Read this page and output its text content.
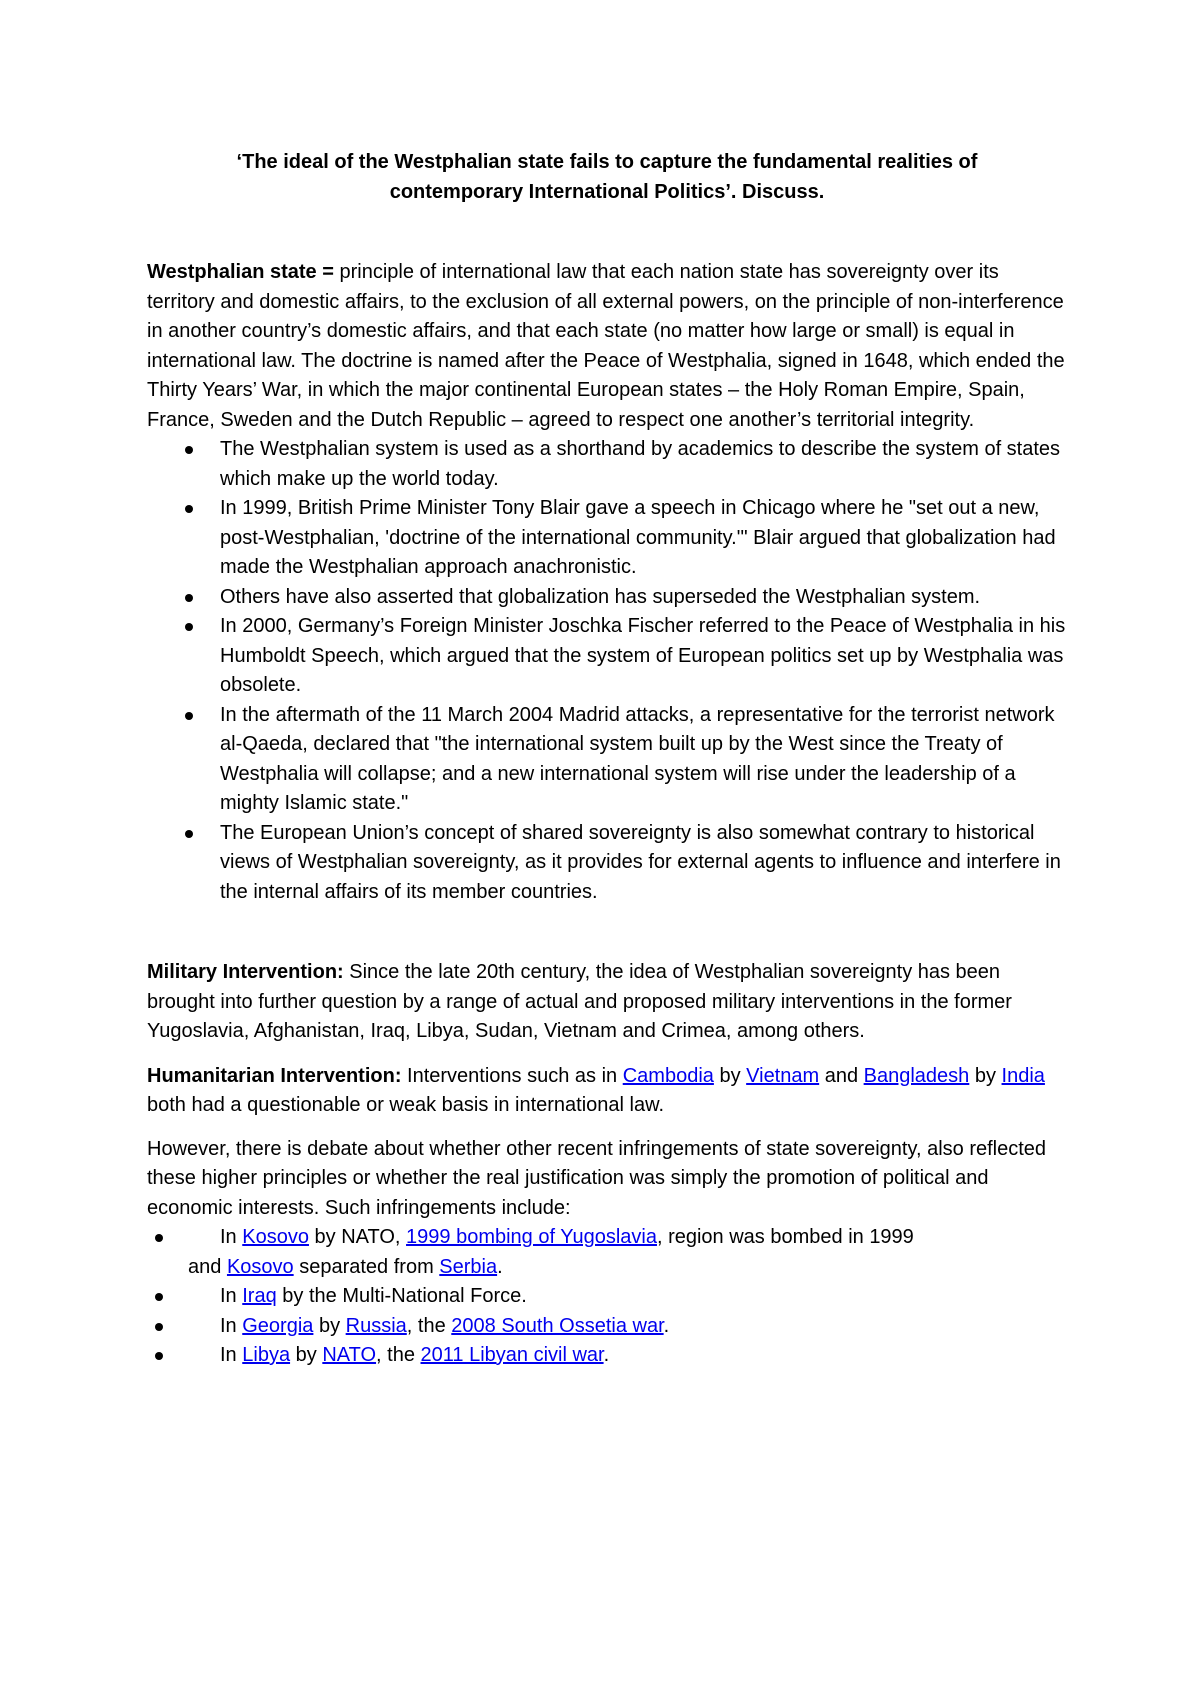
‘The ideal of the Westphalian state fails to capture the fundamental realities of

contemporary International Politics’. Discuss.

Westphalian state = principle of international law that each nation state has sovereignty over its territory and domestic affairs, to the exclusion of all external powers, on the principle of non-interference in another country’s domestic affairs, and that each state (no matter how large or small) is equal in international law. The doctrine is named after the Peace of Westphalia, signed in 1648, which ended the Thirty Years’ War, in which the major continental European states – the Holy Roman Empire, Spain, France, Sweden and the Dutch Republic – agreed to respect one another’s territorial integrity.

The Westphalian system is used as a shorthand by academics to describe the system of states which make up the world today.
In 1999, British Prime Minister Tony Blair gave a speech in Chicago where he "set out a new, post-Westphalian, 'doctrine of the international community.'" Blair argued that globalization had made the Westphalian approach anachronistic.
Others have also asserted that globalization has superseded the Westphalian system.
In 2000, Germany’s Foreign Minister Joschka Fischer referred to the Peace of Westphalia in his Humboldt Speech, which argued that the system of European politics set up by Westphalia was obsolete.
In the aftermath of the 11 March 2004 Madrid attacks, a representative for the terrorist network al-Qaeda, declared that "the international system built up by the West since the Treaty of Westphalia will collapse; and a new international system will rise under the leadership of a mighty Islamic state."
The European Union’s concept of shared sovereignty is also somewhat contrary to historical views of Westphalian sovereignty, as it provides for external agents to influence and interfere in the internal affairs of its member countries.

Military Intervention: Since the late 20th century, the idea of Westphalian sovereignty has been brought into further question by a range of actual and proposed military interventions in the former Yugoslavia, Afghanistan, Iraq, Libya, Sudan, Vietnam and Crimea, among others.

Humanitarian Intervention: Interventions such as in Cambodia by Vietnam and Bangladesh by India both had a questionable or weak basis in international law.

However, there is debate about whether other recent infringements of state sovereignty, also reflected these higher principles or whether the real justification was simply the promotion of political and economic interests. Such infringements include:

In Kosovo by NATO, 1999 bombing of Yugoslavia, region was bombed in 1999
and Kosovo separated from Serbia.
In Iraq by the Multi-National Force.
In Georgia by Russia, the 2008 South Ossetia war.
In Libya by NATO, the 2011 Libyan civil war.
